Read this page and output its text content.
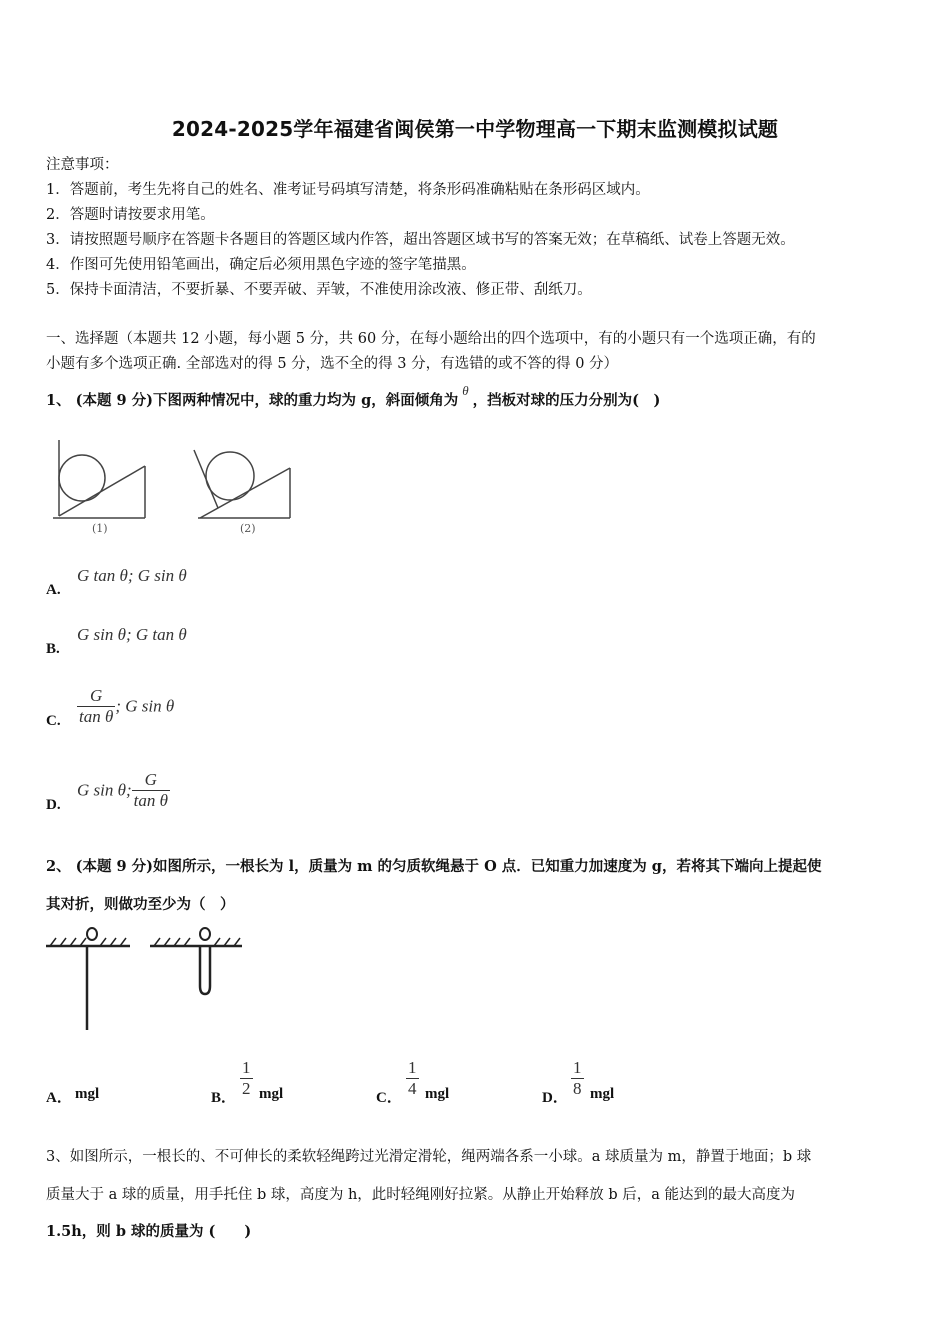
2024-2025学年福建省闽侯第一中学物理高一下期末监测模拟试题
注意事项：
1．答题前，考生先将自己的姓名、准考证号码填写清楚，将条形码准确粘贴在条形码区域内。
2．答题时请按要求用笔。
3．请按照题号顺序在答题卡各题目的答题区域内作答，超出答题区域书写的答案无效；在草稿纸、试卷上答题无效。
4．作图可先使用铅笔画出，确定后必须用黑色字迹的签字笔描黑。
5．保持卡面清洁，不要折暴、不要弄破、弄皱，不准使用涂改液、修正带、刮纸刀。
一、选择题（本题共 12 小题，每小题 5 分，共 60 分，在每小题给出的四个选项中，有的小题只有一个选项正确，有的
小题有多个选项正确. 全部选对的得 5 分，选不全的得 3 分，有选错的或不答的得 0 分）
1、 (本题 9 分)下图两种情况中，球的重力均为 g，斜面倾角为θ，挡板对球的压力分别为(　)
(1)	(2)
A.
G tan θ; G sin θ
B.
G sin θ; G tan θ
C. $\frac{G}{\text{tan θ}}$ ; G sin θ
D.
G sin θ; $\frac{G}{\text{tan θ}}$
2、 (本题 9 分)如图所示，一根长为 l，质量为 m 的匀质软绳悬于 O 点．已知重力加速度为 g，若将其下端向上提起使
其对折，则做功至少为（　）
A． mgl	B． $\frac{1}{2}$ mgl	C． $\frac{1}{4}$ mgl	D． $\frac{1}{8}$ mgl
3、如图所示，一根长的、不可伸长的柔软轻绳跨过光滑定滑轮，绳两端各系一小球。a 球质量为 m，静置于地面；b 球
质量大于 a 球的质量，用手托住 b 球，高度为 h，此时轻绳刚好拉紧。从静止开始释放 b 后，a 能达到的最大高度为
1.5h，则 b 球的质量为 (　　)
